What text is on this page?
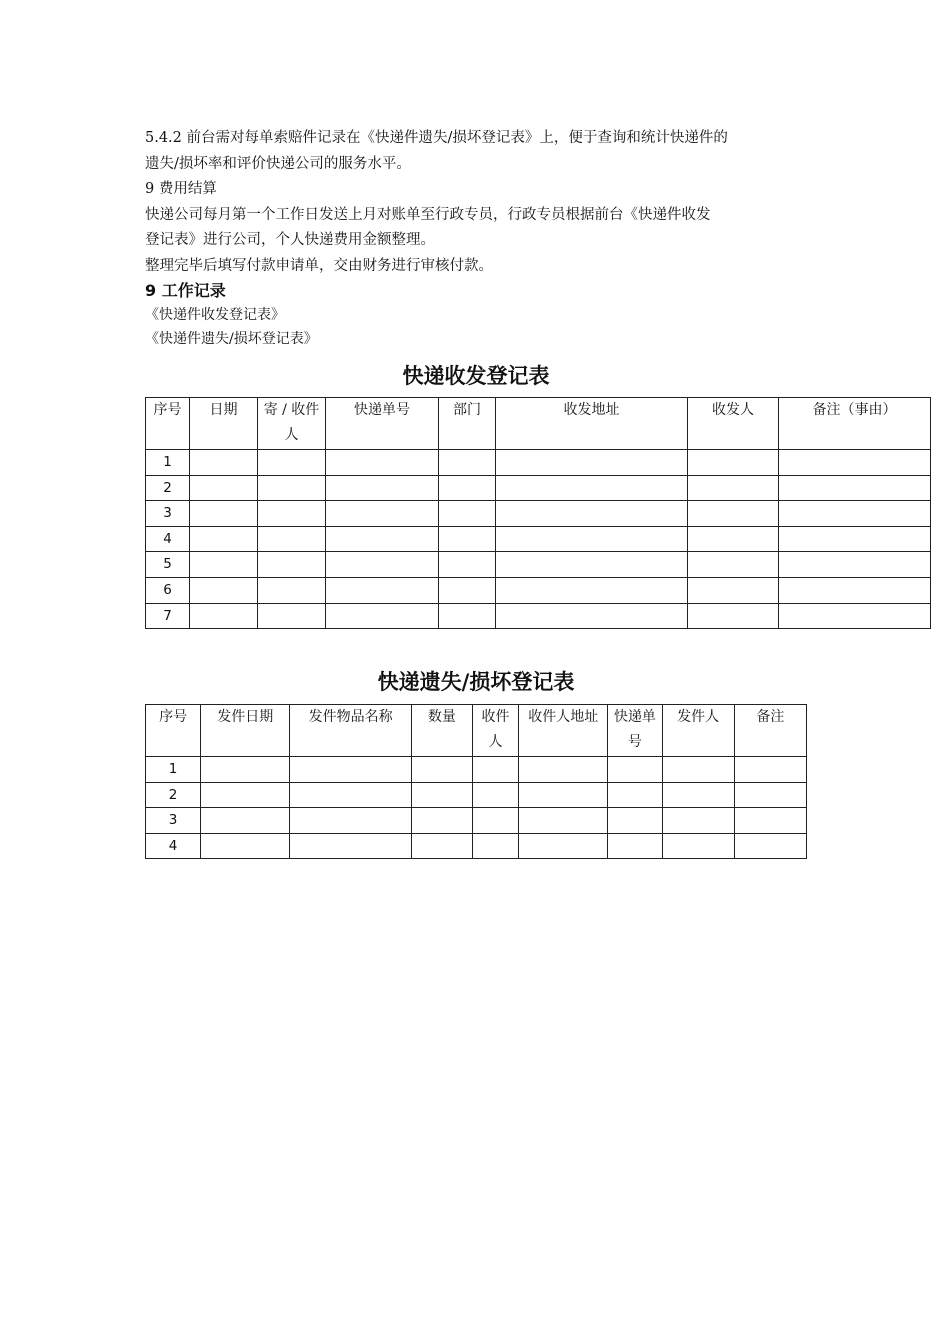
5.4.2 前台需对每单索赔件记录在《快递件遗失/损坏登记表》上，便于查询和统计快递件的

遗失/损坏率和评价快递公司的服务水平。

9 费用结算

快递公司每月第一个工作日发送上月对账单至行政专员，行政专员根据前台《快递件收发

登记表》进行公司，个人快递费用金额整理。

整理完毕后填写付款申请单，交由财务进行审核付款。

9 工作记录

《快递件收发登记表》

《快递件遗失/损坏登记表》

快递收发登记表
序号	日期	寄 / 收件人	快递单号	部门	收发地址	收发人	备注（事由）
1							
2							
3							
4							
5							
6							
7							
快递遗失/损坏登记表
序号	发件日期	发件物品名称	数量	收件人	收件人地址	快递单号	发件人	备注
1								
2								
3								
4								
